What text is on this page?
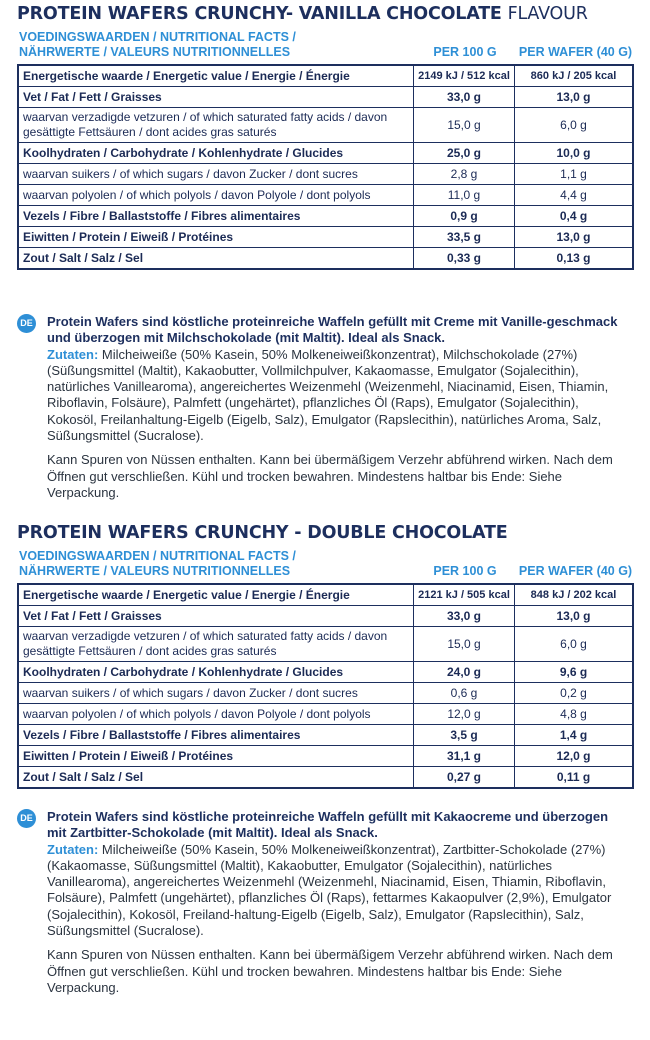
PROTEIN WAFERS CRUNCHY- VANILLA CHOCOLATE FLAVOUR
VOEDINGSWAARDEN / NUTRITIONAL FACTS /
NÄHRWERTE / VALEURS NUTRITIONNELLES	PER 100 G	PER WAFER (40 G)
Energetische waarde / Energetic value / Energie / Énergie	2149 kJ / 512 kcal	860 kJ / 205 kcal
Vet / Fat / Fett / Graisses	33,0 g	13,0 g
waarvan verzadigde vetzuren / of which saturated fatty acids / davon gesättigte Fettsäuren / dont acides gras saturés	15,0 g	6,0 g
Koolhydraten / Carbohydrate / Kohlenhydrate / Glucides	25,0 g	10,0 g
waarvan suikers / of which sugars / davon Zucker / dont sucres	2,8 g	1,1 g
waarvan polyolen / of which polyols / davon Polyole / dont polyols	11,0 g	4,4 g
Vezels / Fibre / Ballaststoffe / Fibres alimentaires	0,9 g	0,4 g
Eiwitten / Protein / Eiweiß / Protéines	33,5 g	13,0 g
Zout / Salt / Salz / Sel	0,33 g	0,13 g
DE Protein Wafers sind köstliche proteinreiche Waffeln gefüllt mit Creme mit Vanille-geschmack und überzogen mit Milchschokolade (mit Maltit). Ideal als Snack.

Zutaten: Milcheiweiße (50% Kasein, 50% Molkeneiweißkonzentrat), Milchschokolade (27%) (Süßungsmittel (Maltit), Kakaobutter, Vollmilchpulver, Kakaomasse, Emulgator (Sojalecithin), natürliches Vanillearoma), angereichertes Weizenmehl (Weizenmehl, Niacinamid, Eisen, Thiamin, Riboflavin, Folsäure), Palmfett (ungehärtet), pflanzliches Öl (Raps), Emulgator (Sojalecithin), Kokosöl, Freilanhaltung-Eigelb (Eigelb, Salz), Emulgator (Rapslecithin), natürliches Aroma, Salz, Süßungsmittel (Sucralose).

Kann Spuren von Nüssen enthalten. Kann bei übermäßigem Verzehr abführend wirken. Nach dem Öffnen gut verschließen. Kühl und trocken bewahren. Mindestens haltbar bis Ende: Siehe Verpackung.

PROTEIN WAFERS CRUNCHY - DOUBLE CHOCOLATE
VOEDINGSWAARDEN / NUTRITIONAL FACTS /
NÄHRWERTE / VALEURS NUTRITIONNELLES	PER 100 G	PER WAFER (40 G)
Energetische waarde / Energetic value / Energie / Énergie	2121 kJ / 505 kcal	848 kJ / 202 kcal
Vet / Fat / Fett / Graisses	33,0 g	13,0 g
waarvan verzadigde vetzuren / of which saturated fatty acids / davon gesättigte Fettsäuren / dont acides gras saturés	15,0 g	6,0 g
Koolhydraten / Carbohydrate / Kohlenhydrate / Glucides	24,0 g	9,6 g
waarvan suikers / of which sugars / davon Zucker / dont sucres	0,6 g	0,2 g
waarvan polyolen / of which polyols / davon Polyole / dont polyols	12,0 g	4,8 g
Vezels / Fibre / Ballaststoffe / Fibres alimentaires	3,5 g	1,4 g
Eiwitten / Protein / Eiweiß / Protéines	31,1 g	12,0 g
Zout / Salt / Salz / Sel	0,27 g	0,11 g
DE Protein Wafers sind köstliche proteinreiche Waffeln gefüllt mit Kakaocreme und überzogen mit Zartbitter-Schokolade (mit Maltit). Ideal als Snack.

Zutaten: Milcheiweiße (50% Kasein, 50% Molkeneiweißkonzentrat), Zartbitter-Schokolade (27%) (Kakaomasse, Süßungsmittel (Maltit), Kakaobutter, Emulgator (Sojalecithin), natürliches Vanillearoma), angereichertes Weizenmehl (Weizenmehl, Niacinamid, Eisen, Thiamin, Riboflavin, Folsäure), Palmfett (ungehärtet), pflanzliches Öl (Raps), fettarmes Kakaopulver (2,9%), Emulgator (Sojalecithin), Kokosöl, Freiland-haltung-Eigelb (Eigelb, Salz), Emulgator (Rapslecithin), Salz, Süßungsmittel (Sucralose).

Kann Spuren von Nüssen enthalten. Kann bei übermäßigem Verzehr abführend wirken. Nach dem Öffnen gut verschließen. Kühl und trocken bewahren. Mindestens haltbar bis Ende: Siehe Verpackung.
